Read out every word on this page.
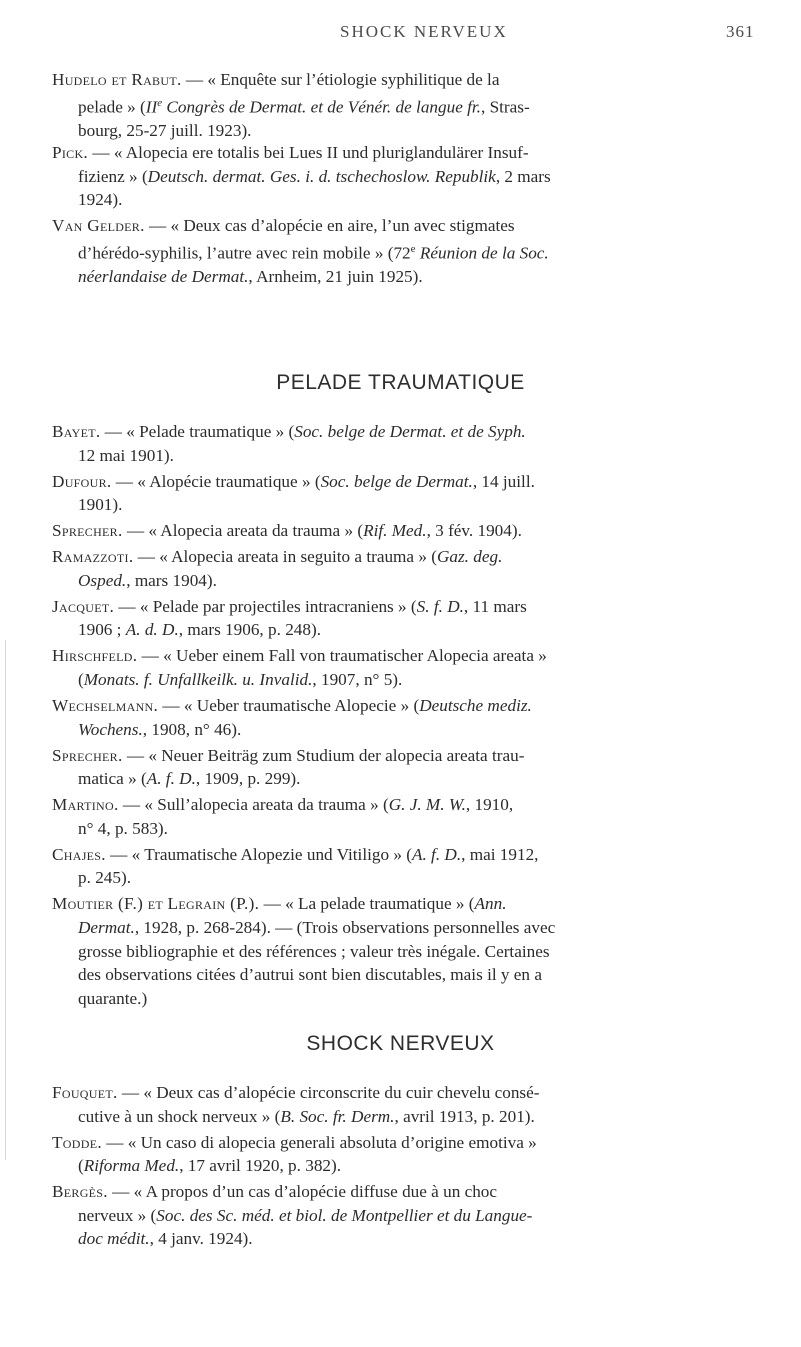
SHOCK NERVEUX	361
Hudelo et Rabut. — « Enquête sur l’étiologie syphilitique de la
pelade » (IIe Congrès de Dermat. et de Vénér. de langue fr., Stras-
bourg, 25-27 juill. 1923).
Pick. — « Alopecia ere totalis bei Lues II und pluriglandulärer Insuf-
fizienz » (Deutsch. dermat. Ges. i. d. tschechoslow. Republik, 2 mars
1924).
Van Gelder. — « Deux cas d’alopécie en aire, l’un avec stigmates
d’hérédo-syphilis, l’autre avec rein mobile » (72e Réunion de la Soc.
néerlandaise de Dermat., Arnheim, 21 juin 1925).
PELADE TRAUMATIQUE
Bayet. — « Pelade traumatique » (Soc. belge de Dermat. et de Syph.
12 mai 1901).
Dufour. — « Alopécie traumatique » (Soc. belge de Dermat., 14 juill.
1901).
Sprecher. — « Alopecia areata da trauma » (Rif. Med., 3 fév. 1904).
Ramazzoti. — « Alopecia areata in seguito a trauma » (Gaz. deg.
Osped., mars 1904).
Jacquet. — « Pelade par projectiles intracraniens » (S. f. D., 11 mars
1906 ; A. d. D., mars 1906, p. 248).
Hirschfeld. — « Ueber einem Fall von traumatischer Alopecia areata »
(Monats. f. Unfallkeilk. u. Invalid., 1907, n° 5).
Wechselmann. — « Ueber traumatische Alopecie » (Deutsche mediz.
Wochens., 1908, n° 46).
Sprecher. — « Neuer Beiträg zum Studium der alopecia areata trau-
matica » (A. f. D., 1909, p. 299).
Martino. — « Sull’alopecia areata da trauma » (G. J. M. W., 1910,
n° 4, p. 583).
Chajes. — « Traumatische Alopezie und Vitiligo » (A. f. D., mai 1912,
p. 245).
Moutier (F.) et Legrain (P.). — « La pelade traumatique » (Ann.
Dermat., 1928, p. 268-284). — (Trois observations personnelles avec
grosse bibliographie et des références ; valeur très inégale. Certaines
des observations citées d’autrui sont bien discutables, mais il y en a
quarante.)
SHOCK NERVEUX
Fouquet. — « Deux cas d’alopécie circonscrite du cuir chevelu consé-
cutive à un shock nerveux » (B. Soc. fr. Derm., avril 1913, p. 201).
Todde. — « Un caso di alopecia generali absoluta d’origine emotiva »
(Riforma Med., 17 avril 1920, p. 382).
Bergès. — « A propos d’un cas d’alopécie diffuse due à un choc
nerveux » (Soc. des Sc. méd. et biol. de Montpellier et du Langue-
doc médit., 4 janv. 1924).
